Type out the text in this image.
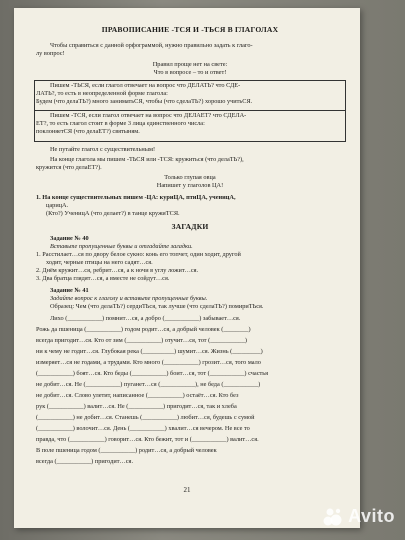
ПРАВОПИСАНИЕ -ТСЯ И -ТЬСЯ В ГЛАГОЛАХ
Чтобы справиться с данной орфограммой, нужно правильно задать к глаго-
лу вопрос!
Правил проще нет на свете:
Что в вопросе – то и ответ!
Пишем -ТЬСЯ, если глагол отвечает на вопрос что ДЕЛАТЬ? что СДЕ-
ЛАТЬ?, то есть в неопределенной форме глагола:
Будем (что делаТЬ?) много заниматьСЯ, чтобы (что сделаТЬ?) хорошо учитьСЯ.
Пишем -ТСЯ, если глагол отвечает на вопрос что ДЕЛАЕТ? что СДЕЛА-
ЕТ?, то есть глагол стоит в форме 3 лица единственного числа:
поклоняетСЯ (что делаЕТ?) святыням.
Не путайте глагол с существительным!
На конце глагола мы пишем -ТЬСЯ или -ТСЯ: кружиться (что делаТЬ?),
кружится (что делаЕТ?).
Только глупая овца
Напишет у глаголов ЦА!
1. На конце существительных пишем -ЦА: куриЦА, птиЦА, ученицА,
царицА.
(Кто?) УченицА (что делает?) в танце кружиТСЯ.
ЗАГАДКИ
Задание № 40
Вставьте пропущенные буквы и отгадайте загадки.
1. Расстилает…ся по двору белое сукно: конь его топчет, один ходит, другой
ходит, черные птицы на него садят…ся.
2. Днём кружит…ся, ребрит…ся, а к ночи в углу ложит…ся.
3. Два братца глядят…ся, а вместе не сойдут…ся.
Задание № 41
Задайте вопрос к глаголу и вставьте пропущенные буквы.
Образец: Чем (что делаТЬ?) сердиТЬся, так лучше (что сделаТЬ?) помириТЬся.
Лихо (___________) помнит…ся, а добро (___________) забывает…ся.
Рожь да пшеница (___________) годом родит…ся, а добрый человек (________)
всегда пригодит…ся. Кто от зим (___________) отучит…ся, тот (___________)
ни к чему не годит…ся. Глубокая река (__________) шумит…ся. Жизнь (_________)
измеряет…ся не годами, а трудами. Кто много (___________) грозит…ся, того мало
(___________) боят…ся. Кто беды (___________) боит…ся, тот (___________) счастья
не добит…ся. Не (___________) пуганет…ся (___________), не беда (___________)
не добит…ся. Слово улетит, написанное (___________) остаёт…ся. Кто без
рук (___________) валит…ся. Не (___________) пригодит…ся, так и хлеба
(___________) не добит…ся. Станешь (___________) любит…ся, будешь с сумой
(___________) волочит…ся. День (___________) хвалит…ся вечером. Не все то
правда, что (___________) говорит…ся. Кто бежит, тот и (___________) валит…ся.
В поле пшеница годом (___________) родит…ся, а добрый человек
всегда (___________) пригодит…ся.
21
Avito
